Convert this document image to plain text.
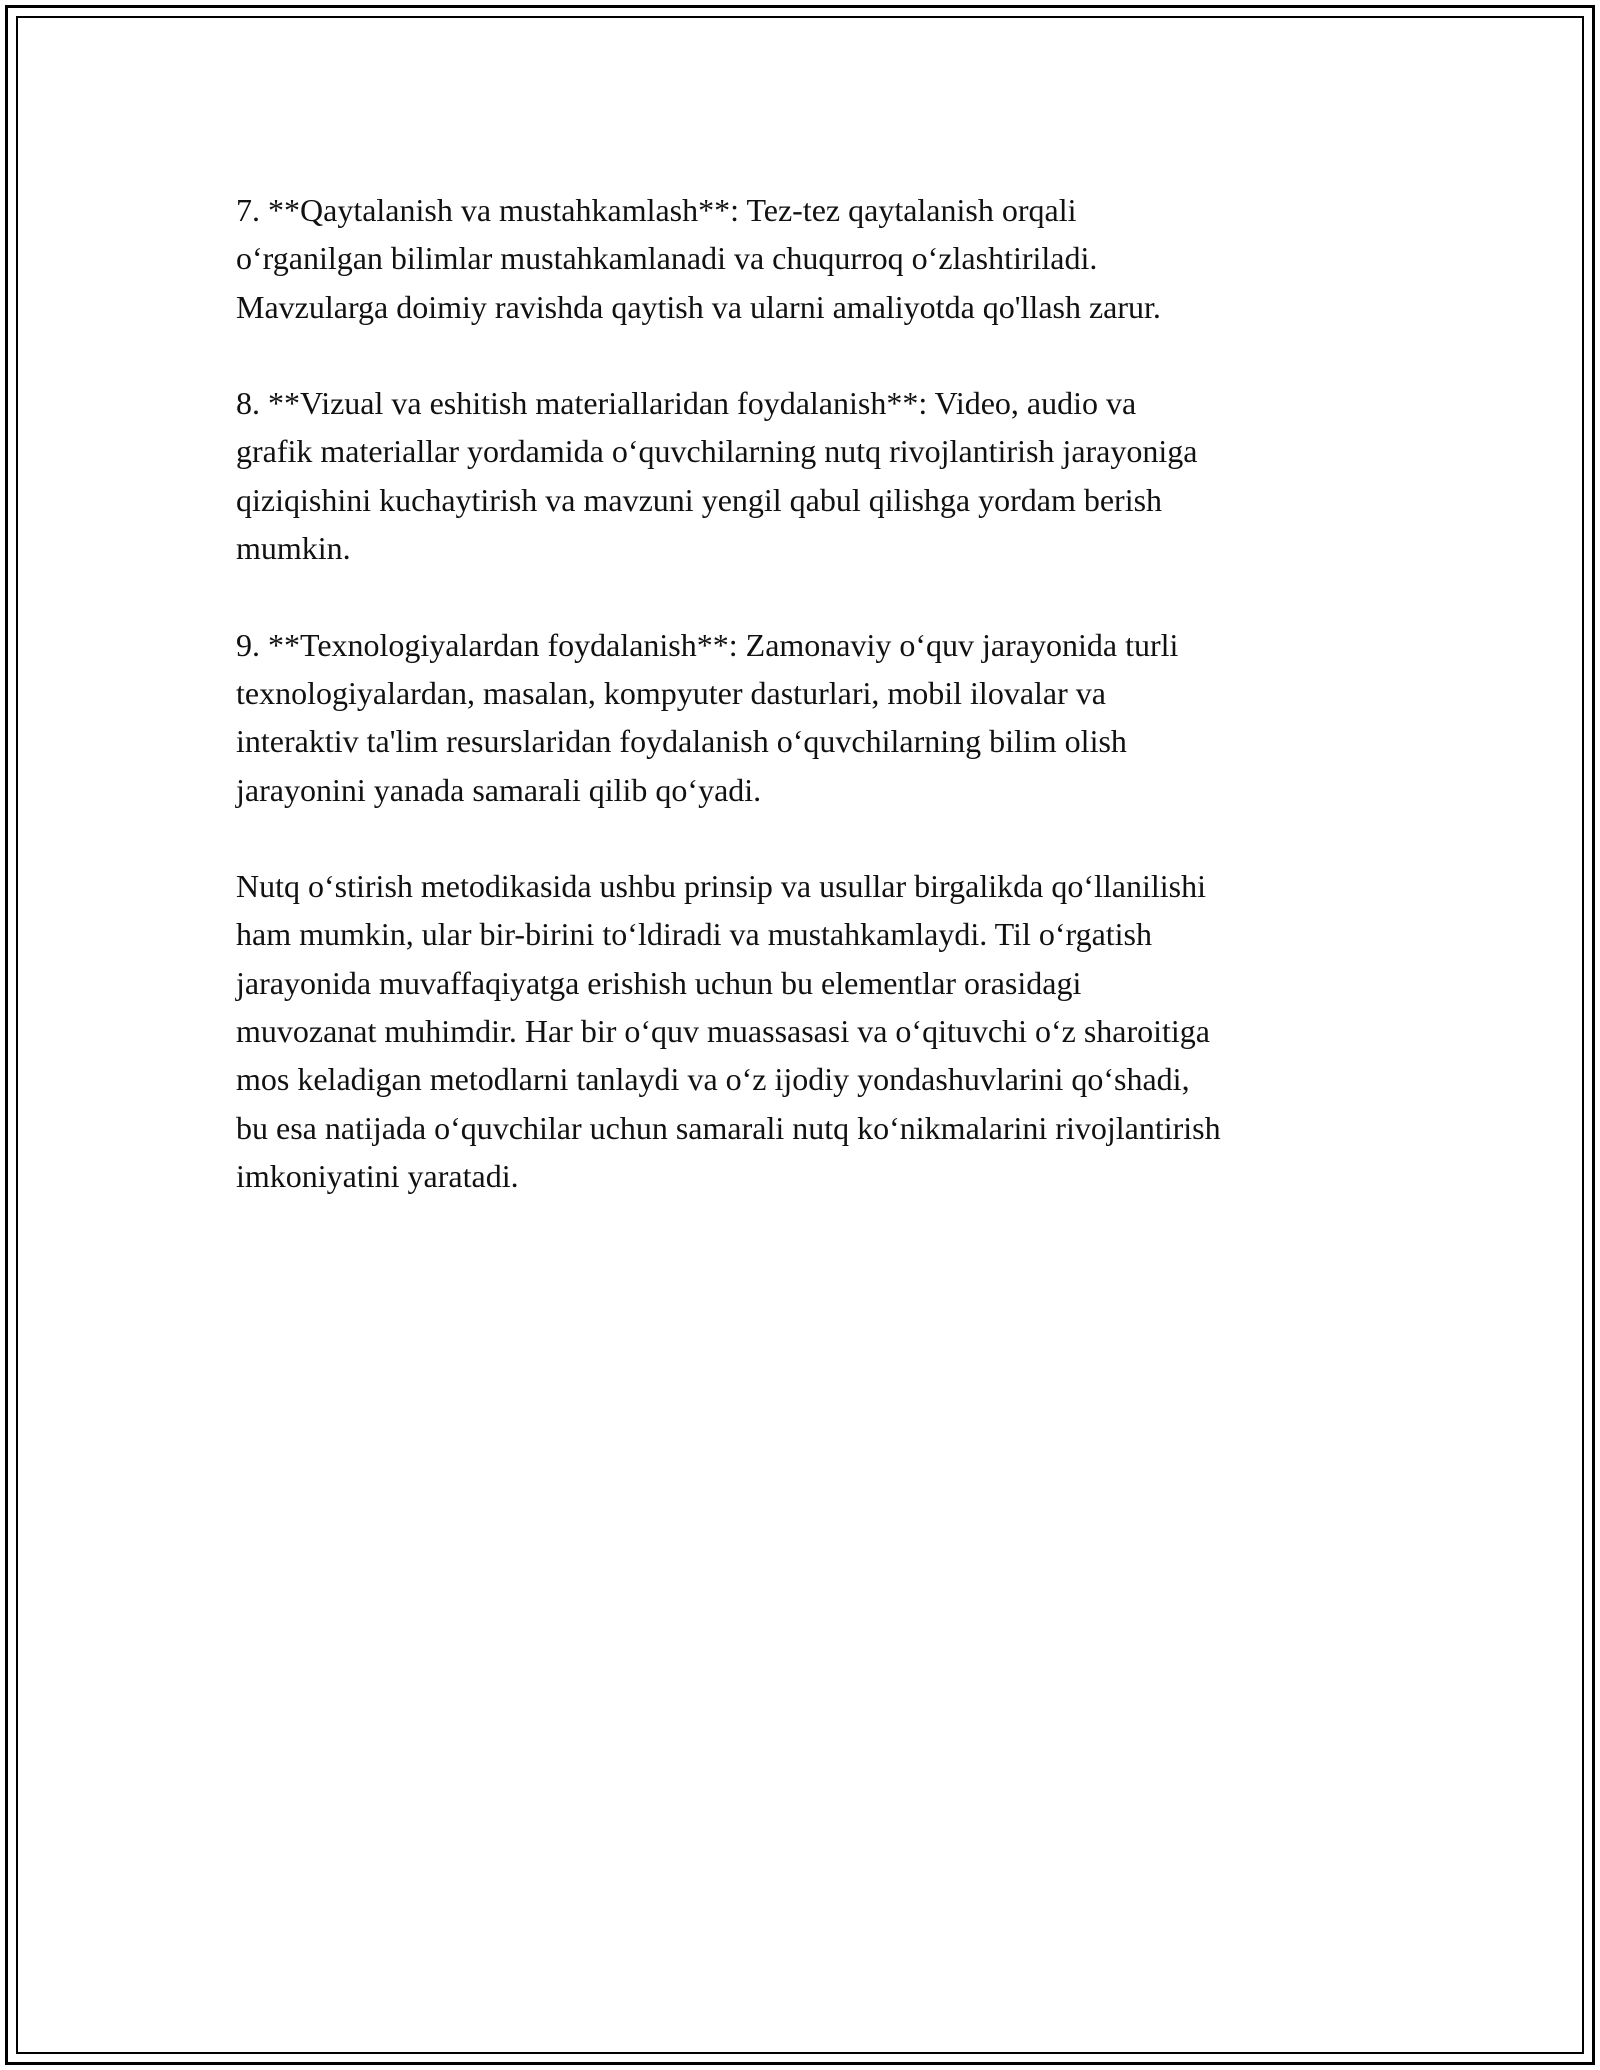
7. **Qaytalanish va mustahkamlash**: Tez-tez qaytalanish orqali
oʻrganilgan bilimlar mustahkamlanadi va chuqurroq oʻzlashtiriladi.
Mavzularga doimiy ravishda qaytish va ularni amaliyotda qo'llash zarur.

8. **Vizual va eshitish materiallaridan foydalanish**: Video, audio va
grafik materiallar yordamida oʻquvchilarning nutq rivojlantirish jarayoniga
qiziqishini kuchaytirish va mavzuni yengil qabul qilishga yordam berish
mumkin.

9. **Texnologiyalardan foydalanish**: Zamonaviy oʻquv jarayonida turli
texnologiyalardan, masalan, kompyuter dasturlari, mobil ilovalar va
interaktiv ta'lim resurslaridan foydalanish oʻquvchilarning bilim olish
jarayonini yanada samarali qilib qoʻyadi.

Nutq oʻstirish metodikasida ushbu prinsip va usullar birgalikda qoʻllanilishi
ham mumkin, ular bir-birini toʻldiradi va mustahkamlaydi. Til oʻrgatish
jarayonida muvaffaqiyatga erishish uchun bu elementlar orasidagi
muvozanat muhimdir. Har bir oʻquv muassasasi va oʻqituvchi oʻz sharoitiga
mos keladigan metodlarni tanlaydi va oʻz ijodiy yondashuvlarini qoʻshadi,
bu esa natijada oʻquvchilar uchun samarali nutq koʻnikmalarini rivojlantirish
imkoniyatini yaratadi.
